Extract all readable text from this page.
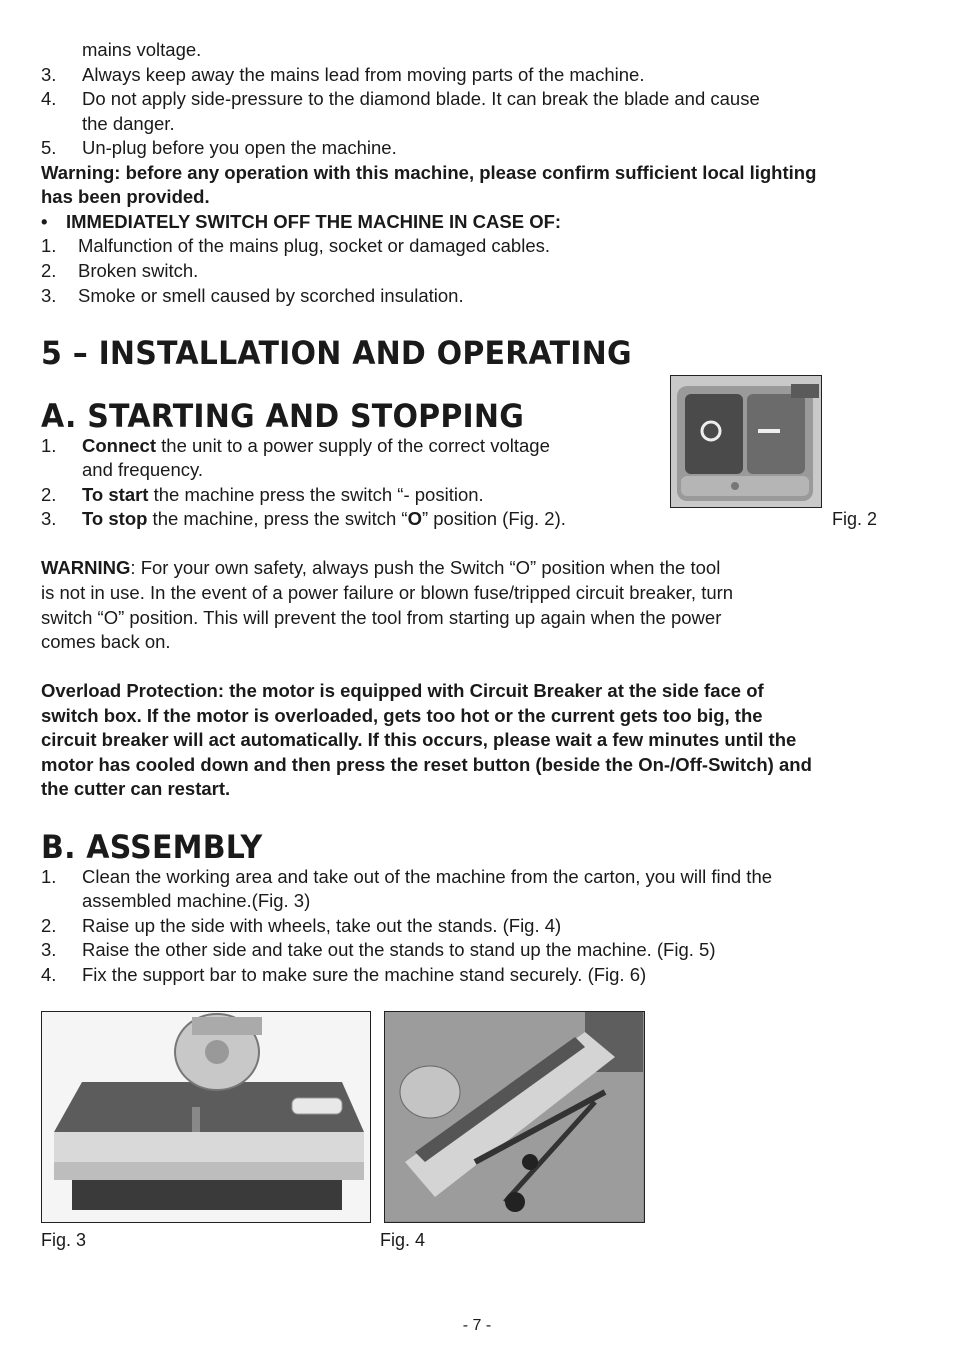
mains voltage.
3. Always keep away the mains lead from moving parts of the machine.
4. Do not apply side-pressure to the diamond blade. It can break the blade and cause
the danger.
5. Un-plug before you open the machine.
Warning: before any operation with this machine, please confirm sufficient local lighting
has been provided.
• IMMEDIATELY SWITCH OFF THE MACHINE IN CASE OF:
1. Malfunction of the mains plug, socket or damaged cables.
2. Broken switch.
3. Smoke or smell caused by scorched insulation.
5 – INSTALLATION AND OPERATING
A. STARTING AND STOPPING
1. Connect the unit to a power supply of the correct voltage
and frequency.
2. To start the machine press the switch “- position.
3. To stop the machine, press the switch “O” position (Fig. 2).	Fig. 2
WARNING: For your own safety, always push the Switch “O” position when the tool
is not in use. In the event of a power failure or blown fuse/tripped circuit breaker, turn
switch “O” position. This will prevent the tool from starting up again when the power
comes back on.
Overload Protection: the motor is equipped with Circuit Breaker at the side face of
switch box. If the motor is overloaded, gets too hot or the current gets too big, the
circuit breaker will act automatically. If this occurs, please wait a few minutes until the
motor has cooled down and then press the reset button (beside the On-/Off-Switch) and
the cutter can restart.
B. ASSEMBLY
1. Clean the working area and take out of the machine from the carton, you will find the
assembled machine.(Fig. 3)
2. Raise up the side with wheels, take out the stands. (Fig. 4)
3. Raise the other side and take out the stands to stand up the machine. (Fig. 5)
4. Fix the support bar to make sure the machine stand securely. (Fig. 6)
Fig. 3	Fig. 4
- 7 -
